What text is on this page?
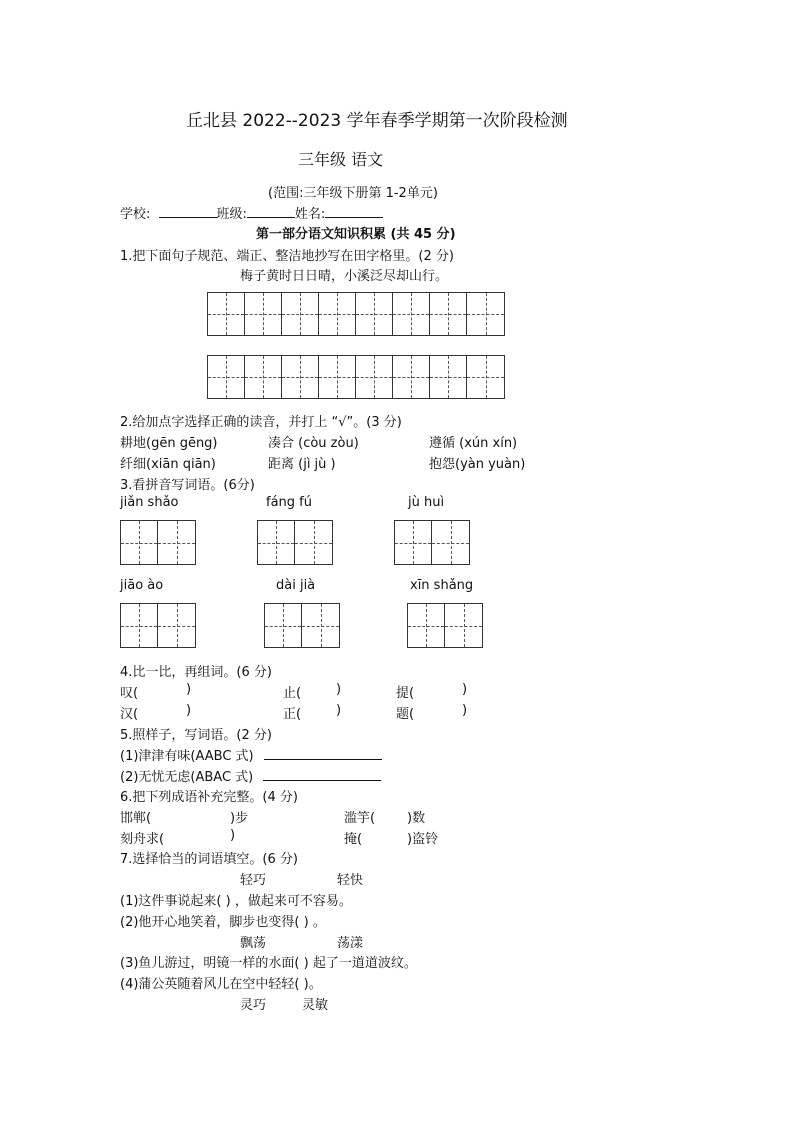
丘北县 2022--2023 学年春季学期第一次阶段检测
三年级 语文
(范围:三年级下册第 1-2单元)
学校:	班级:	姓名:
第一部分语文知识积累 (共 45 分)
1.把下面句子规范、端正、整洁地抄写在田字格里。(2 分)
梅子黄时日日晴，小溪泛尽却山行。
2.给加点字选择正确的读音，并打上 “√”。(3 分)
耕地(gēn gēng)	凑合 (còu zòu)	遵循 (xún xín)
纤细(xiān qiān)	距离 (jì jù )	抱怨(yàn yuàn)
3.看拼音写词语。(6分)
jiǎn shǎo	fáng fú	jù huì
jiāo ào	dài jià	xīn shǎng
4.比一比，再组词。(6 分)
叹(	)	止(	)	提(	)
汉(	)	正(	)	题(	)
5.照样子，写词语。(2 分)
(1)津津有味(AABC 式)
(2)无忧无虑(ABAC 式)
6.把下列成语补充完整。(4 分)
邯郸(	)步	滥竽( )数
刻舟求(	)	掩(	)盗铃
7.选择恰当的词语填空。(6 分)
轻巧	轻快
(1)这件事说起来( ) ，做起来可不容易。
(2)他开心地笑着，脚步也变得( ) 。
飘荡	荡漾
(3)鱼儿游过，明镜一样的水面( ) 起了一道道波纹。
(4)蒲公英随着风儿在空中轻轻( )。
灵巧	灵敏
